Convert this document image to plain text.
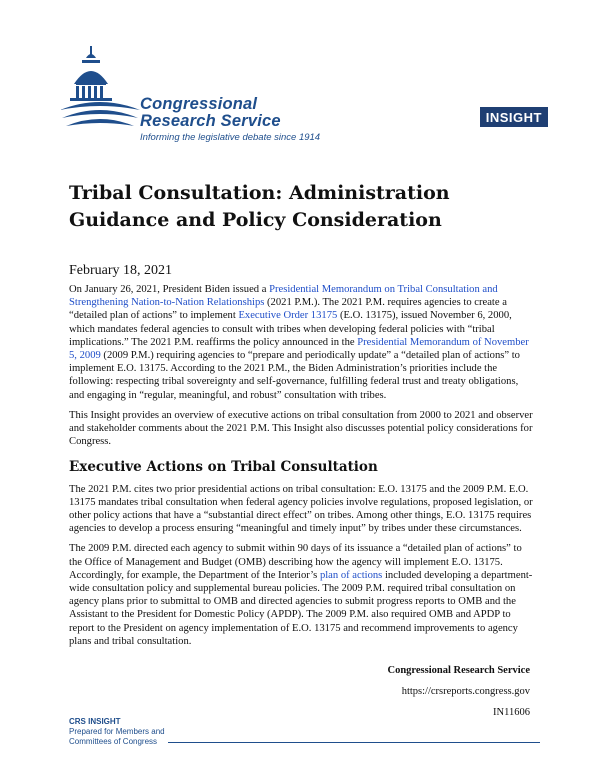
Congressional
Research Service
Informing the legislative debate since 1914
INSIGHT
Tribal Consultation: Administration Guidance and Policy Consideration
February 18, 2021

On January 26, 2021, President Biden issued a Presidential Memorandum on Tribal Consultation and Strengthening Nation-to-Nation Relationships (2021 P.M.). The 2021 P.M. requires agencies to create a “detailed plan of actions” to implement Executive Order 13175 (E.O. 13175), issued November 6, 2000, which mandates federal agencies to consult with tribes when developing federal policies with “tribal implications.” The 2021 P.M. reaffirms the policy announced in the Presidential Memorandum of November 5, 2009 (2009 P.M.) requiring agencies to “prepare and periodically update” a “detailed plan of actions” to implement E.O. 13175. According to the 2021 P.M., the Biden Administration’s priorities include the following: respecting tribal sovereignty and self-governance, fulfilling federal trust and treaty obligations, and engaging in “regular, meaningful, and robust” consultation with tribes.

This Insight provides an overview of executive actions on tribal consultation from 2000 to 2021 and observer and stakeholder comments about the 2021 P.M. This Insight also discusses potential policy considerations for Congress.

Executive Actions on Tribal Consultation

The 2021 P.M. cites two prior presidential actions on tribal consultation: E.O. 13175 and the 2009 P.M. E.O. 13175 mandates tribal consultation when federal agency policies involve regulations, proposed legislation, or other policy actions that have a “substantial direct effect” on tribes. Among other things, E.O. 13175 requires agencies to develop a process ensuring “meaningful and timely input” by tribes under these circumstances.

The 2009 P.M. directed each agency to submit within 90 days of its issuance a “detailed plan of actions” to the Office of Management and Budget (OMB) describing how the agency will implement E.O. 13175. Accordingly, for example, the Department of the Interior’s plan of actions included developing a department-wide consultation policy and supplemental bureau policies. The 2009 P.M. required tribal consultation on agency plans prior to submittal to OMB and directed agencies to submit progress reports to OMB and the Assistant to the President for Domestic Policy (APDP). The 2009 P.M. also required OMB and APDP to report to the President on agency implementation of E.O. 13175 and recommend improvements to agency plans and tribal consultation.

Congressional Research Service
https://crsreports.congress.gov
IN11606
CRS INSIGHT
Prepared for Members and
Committees of Congress
